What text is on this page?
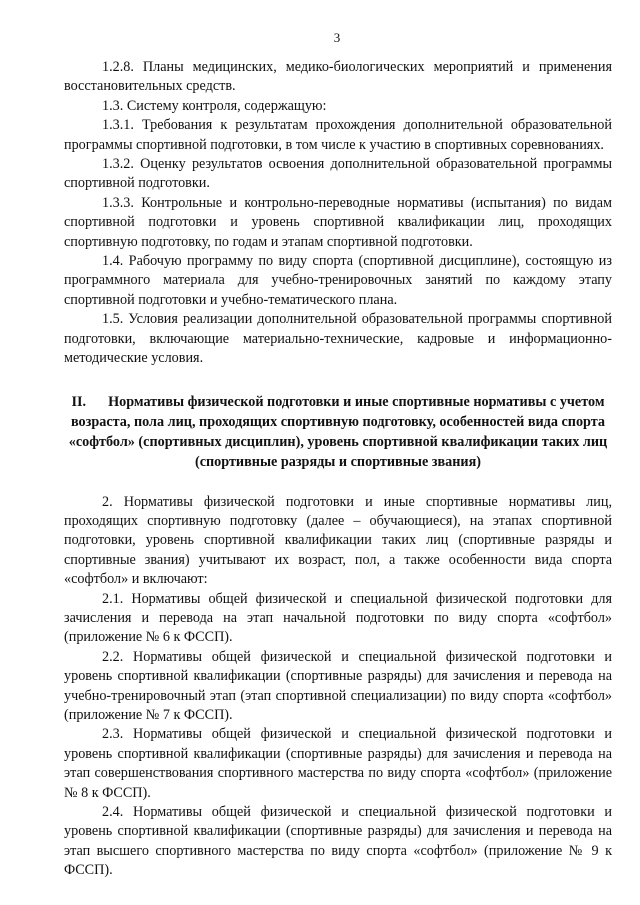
3

1.2.8. Планы медицинских, медико-биологических мероприятий и применения восстановительных средств.

1.3. Систему контроля, содержащую:

1.3.1. Требования к результатам прохождения дополнительной образовательной программы спортивной подготовки, в том числе к участию в спортивных соревнованиях.

1.3.2. Оценку результатов освоения дополнительной образовательной программы спортивной подготовки.

1.3.3. Контрольные и контрольно-переводные нормативы (испытания) по видам спортивной подготовки и уровень спортивной квалификации лиц, проходящих спортивную подготовку, по годам и этапам спортивной подготовки.

1.4. Рабочую программу по виду спорта (спортивной дисциплине), состоящую из программного материала для учебно-тренировочных занятий по каждому этапу спортивной подготовки и учебно-тематического плана.

1.5. Условия реализации дополнительной образовательной программы спортивной подготовки, включающие материально-технические, кадровые и информационно-методические условия.

II. Нормативы физической подготовки и иные спортивные нормативы с учетом возраста, пола лиц, проходящих спортивную подготовку, особенностей вида спорта «софтбол» (спортивных дисциплин), уровень спортивной квалификации таких лиц (спортивные разряды и спортивные звания)

2. Нормативы физической подготовки и иные спортивные нормативы лиц, проходящих спортивную подготовку (далее – обучающиеся), на этапах спортивной подготовки, уровень спортивной квалификации таких лиц (спортивные разряды и спортивные звания) учитывают их возраст, пол, а также особенности вида спорта «софтбол» и включают:

2.1. Нормативы общей физической и специальной физической подготовки для зачисления и перевода на этап начальной подготовки по виду спорта «софтбол» (приложение № 6 к ФССП).

2.2. Нормативы общей физической и специальной физической подготовки и уровень спортивной квалификации (спортивные разряды) для зачисления и перевода на учебно-тренировочный этап (этап спортивной специализации) по виду спорта «софтбол» (приложение № 7 к ФССП).

2.3. Нормативы общей физической и специальной физической подготовки и уровень спортивной квалификации (спортивные разряды) для зачисления и перевода на этап совершенствования спортивного мастерства по виду спорта «софтбол» (приложение № 8 к ФССП).

2.4. Нормативы общей физической и специальной физической подготовки и уровень спортивной квалификации (спортивные разряды) для зачисления и перевода на этап высшего спортивного мастерства по виду спорта «софтбол» (приложение № 9 к ФССП).
